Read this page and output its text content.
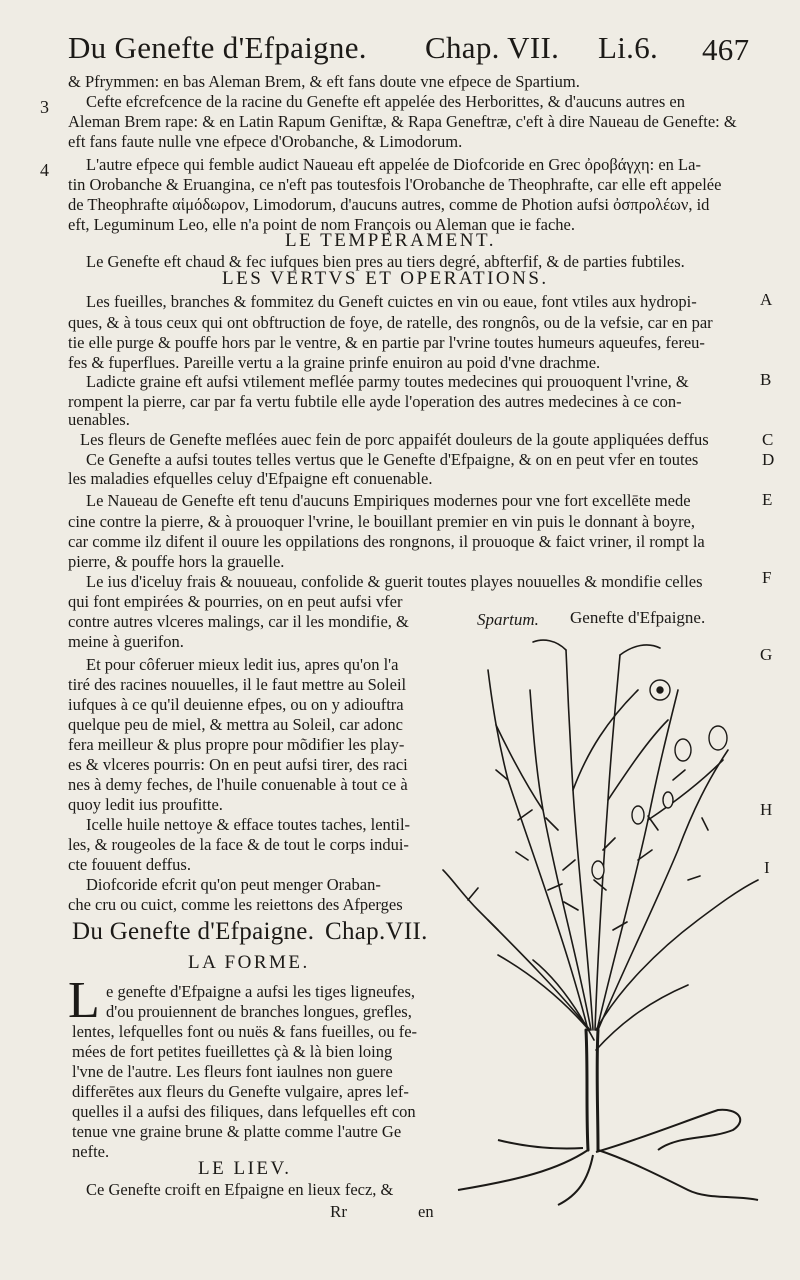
Du Genefte d'Efpaigne. Chap. VII. Li.6. 467
3
4
& Pfrymmen: en bas Aleman Brem, & eft fans doute vne efpece de Spartium.
Cefte efcrefcence de la racine du Genefte eft appelée des Herborittes, & d'aucuns autres en
Aleman Brem rape: & en Latin Rapum Geniftæ, & Rapa Geneftræ, c'eft à dire Naueau de Genefte: &
eft fans faute nulle vne efpece d'Orobanche, & Limodorum.
L'autre efpece qui femble audict Naueau eft appelée de Diofcoride en Grec ὀροβάγχη: en La-
tin Orobanche & Eruangina, ce n'eft pas toutesfois l'Orobanche de Theophrafte, car elle eft appelée
de Theophrafte αἱμόδωρον, Limodorum, d'aucuns autres, comme de Photion aufsi ὀσπρολέων, id
eft, Leguminum Leo, elle n'a point de nom François ou Aleman que ie fache.
LE TEMPERAMENT.
Le Genefte eft chaud & fec iufques bien pres au tiers degré, abfterfif, & de parties fubtiles.
LES VERTVS ET OPERATIONS.
Les fueilles, branches & fommitez du Geneft cuictes en vin ou eaue, font vtiles aux hydropi-
ques, & à tous ceux qui ont obftruction de foye, de ratelle, des rongnôs, ou de la vefsie, car en par
tie elle purge & pouffe hors par le ventre, & en partie par l'vrine toutes humeurs aqueufes, fereu-
fes & fuperflues. Pareille vertu a la graine prinfe enuiron au poid d'vne drachme.
Ladicte graine eft aufsi vtilement meflée parmy toutes medecines qui prouoquent l'vrine, &
rompent la pierre, car par fa vertu fubtile elle ayde l'operation des autres medecines à ce con-
uenables.
Les fleurs de Genefte meflées auec fein de porc appaifét douleurs de la goute appliquées deffus
Ce Genefte a aufsi toutes telles vertus que le Genefte d'Efpaigne, & on en peut vfer en toutes
les maladies efquelles celuy d'Efpaigne eft conuenable.
Le Naueau de Genefte eft tenu d'aucuns Empiriques modernes pour vne fort excellēte mede
cine contre la pierre, & à prouoquer l'vrine, le bouillant premier en vin puis le donnant à boyre,
car comme ilz difent il ouure les oppilations des rongnons, il prouoque & faict vriner, il rompt la
pierre, & pouffe hors la grauelle.
Le ius d'iceluy frais & nouueau, confolide & guerit toutes playes nouuelles & mondifie celles
qui font empirées & pourries, on en peut aufsi vfer
contre autres vlceres malings, car il les mondifie, &
meine à guerifon.
Et pour côferuer mieux ledit ius, apres qu'on l'a
tiré des racines nouuelles, il le faut mettre au Soleil
iufques à ce qu'il deuienne efpes, ou on y adiouftra
quelque peu de miel, & mettra au Soleil, car adonc
fera meilleur & plus propre pour mõdifier les play-
es & vlceres pourris: On en peut aufsi tirer, des raci
nes à demy feches, de l'huile conuenable à tout ce à
quoy ledit ius proufitte.
Icelle huile nettoye & efface toutes taches, lentil-
les, & rougeoles de la face & de tout le corps indui-
cte fouuent deffus.
Diofcoride efcrit qu'on peut menger Oraban-
che cru ou cuict, comme les reiettons des Afperges
A
B
C
D
E
F
G
H
I
Spartum. Genefte d'Efpaigne.
Du Genefte d'Efpaigne. Chap.VII.
LA FORME.
L e genefte d'Efpaigne a aufsi les tiges ligneufes,
d'ou prouiennent de branches longues, grefles,
lentes, lefquelles font ou nuës & fans fueilles, ou fe-
mées de fort petites fueillettes çà & là bien loing
l'vne de l'autre. Les fleurs font iaulnes non guere
differētes aux fleurs du Genefte vulgaire, apres lef-
quelles il a aufsi des filiques, dans lefquelles eft con
tenue vne graine brune & platte comme l'autre Ge
nefte.
LE LIEV.
Ce Genefte croift en Efpaigne en lieux fecz, &
Rr	en
